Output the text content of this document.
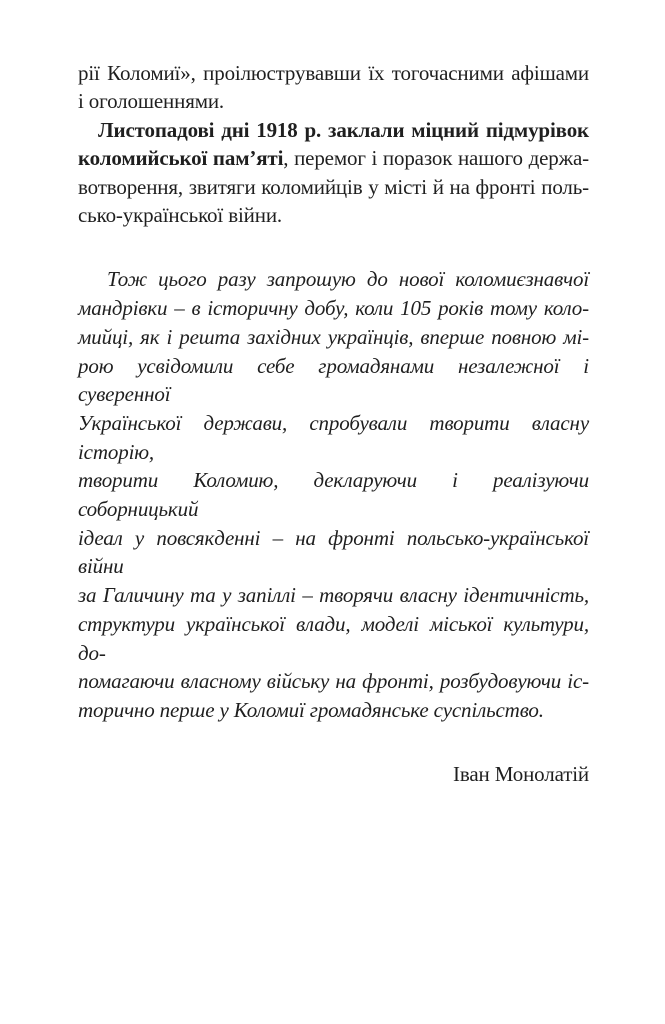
рії Коломиї», проілюструвавши їх тогочасними афішами
і оголошеннями.
Листопадові дні 1918 р. заклали міцний підмурівок
коломийської пам’яті, перемог і поразок нашого держа-
вотворення, звитяги коломийців у місті й на фронті поль-
сько-української війни.
Тож цього разу запрошую до нової коломиєзнавчої
мандрівки – в історичну добу, коли 105 років тому коло-
мийці, як і решта західних українців, вперше повною мі-
рою усвідомили себе громадянами незалежної і суверенної
Української держави, спробували творити власну історію,
творити Коломию, декларуючи і реалізуючи соборницький
ідеал у повсякденні – на фронті польсько-української війни
за Галичину та у запіллі – творячи власну ідентичність,
структури української влади, моделі міської культури, до-
помагаючи власному війську на фронті, розбудовуючи іс-
торично перше у Коломиї громадянське суспільство.
Іван Монолатій
